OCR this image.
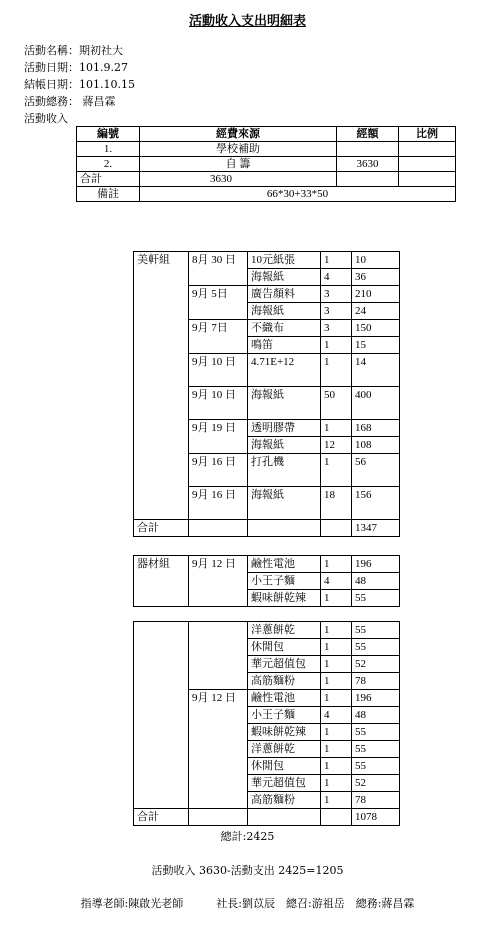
活動收入支出明細表
活動名稱：期初社大
活動日期：101.9.27
結帳日期：101.10.15
活動總務： 蔣昌霖
活動收入
編號	經費來源	經額	比例
1.	學校補助		
2.	自 籌	3630	
合計	3630		
備註	66*30+33*50		
美軒組	8月 30 日	10元紙張	1	10
		海報紙	4	36
	9月 5日	廣告顏料	3	210
		海報紙	3	24
	9月 7日	不織布	3	150
		鳴笛	1	15
	9月 10 日	4.71E+12	1	14
	9月 10 日	海報紙	50	400
	9月 19 日	透明膠帶	1	168
		海報紙	12	108
	9月 16 日	打孔機	1	56
	9月 16 日	海報紙	18	156
合計				1347
器材組	9月 12 日	鹼性電池	1	196
		小王子麵	4	48
		蝦味餅乾辣	1	55
		洋蔥餅乾	1	55
		休閒包	1	55
		華元超值包	1	52
		高筋麵粉	1	78
	9月 12 日	鹼性電池	1	196
		小王子麵	4	48
		蝦味餅乾辣	1	55
		洋蔥餅乾	1	55
		休閒包	1	55
		華元超值包	1	52
		高筋麵粉	1	78
合計				1078
總計:2425
活動收入 3630-活動支出 2425=1205
指導老師:陳啟光老師　　　社長:劉苡辰　總召:游祖岳　總務:蔣昌霖
